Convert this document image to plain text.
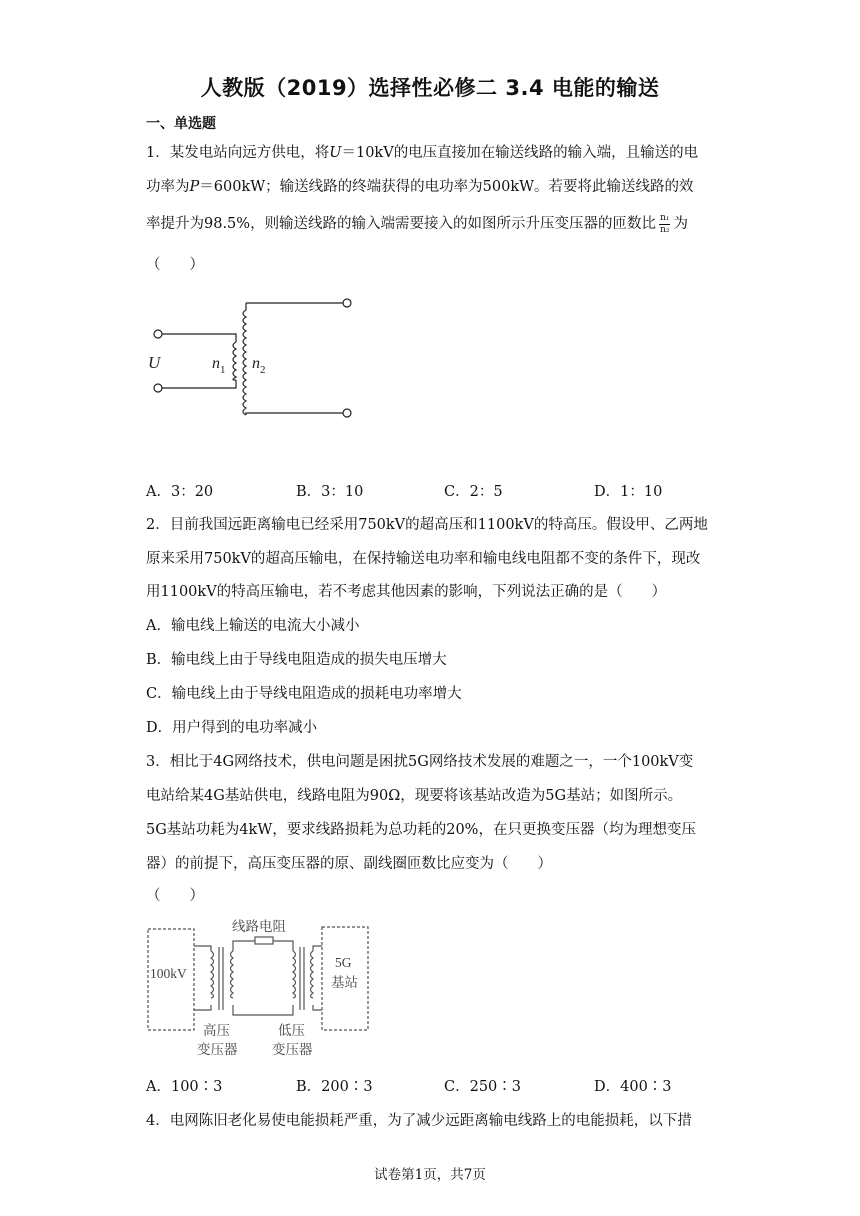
人教版（2019）选择性必修二 3.4 电能的输送
一、单选题
1．某发电站向远方供电，将U＝10kV的电压直接加在输送线路的输入端，且输送的电
功率为P＝600kW；输送线路的终端获得的电功率为500kW。若要将此输送线路的效
率提升为98.5%，则输送线路的输入端需要接入的如图所示升压变压器的匝数比 $\frac{\text{n₁}}{\text{n₂}}$ 为
（　　）
U	n 1 n 2
A．3：20	B．3：10	C．2：5	D．1：10
2．目前我国远距离输电已经采用750kV的超高压和1100kV的特高压。假设甲、乙两地
原来采用750kV的超高压输电，在保持输送电功率和输电线电阻都不变的条件下，现改
用1100kV的特高压输电，若不考虑其他因素的影响，下列说法正确的是（　　）
A．输电线上输送的电流大小减小
B．输电线上由于导线电阻造成的损失电压增大
C．输电线上由于导线电阻造成的损耗电功率增大
D．用户得到的电功率减小
3．相比于4G网络技术，供电问题是困扰5G网络技术发展的难题之一，一个100kV变
电站给某4G基站供电，线路电阻为90Ω，现要将该基站改造为5G基站；如图所示。
5G基站功耗为4kW，要求线路损耗为总功耗的20%，在只更换变压器（均为理想变压
器）的前提下，高压变压器的原、副线圈匝数比应变为（　　）
（　　）
线路电阻
100kV
5G
基站
高压
变压器
低压
变压器
A．100∶3	B．200∶3	C．250∶3	D．400∶3
4．电网陈旧老化易使电能损耗严重，为了减少远距离输电线路上的电能损耗，以下措
试卷第1页，共7页
